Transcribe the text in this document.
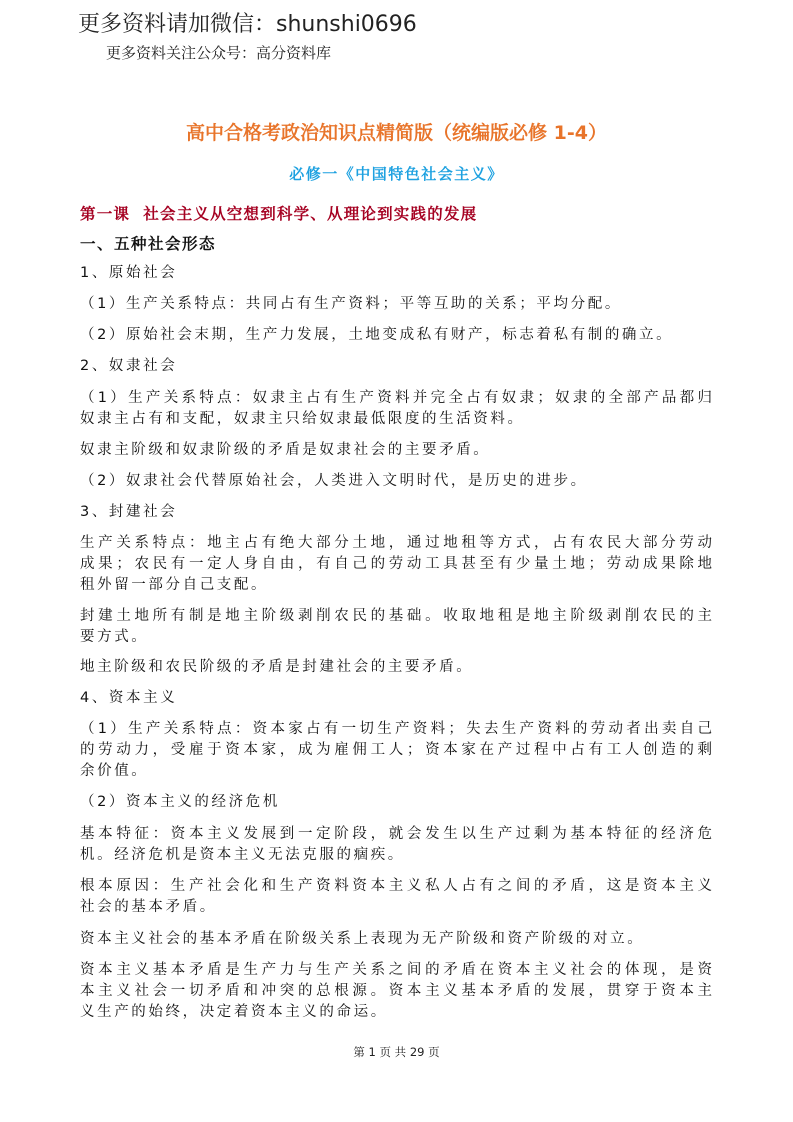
更多资料请加微信：shunshi0696
更多资料关注公众号：高分资料库
高中合格考政治知识点精简版（统编版必修 1-4）
必修一《中国特色社会主义》
第一课  社会主义从空想到科学、从理论到实践的发展
一、五种社会形态
1、原始社会
（1）生产关系特点：共同占有生产资料；平等互助的关系；平均分配。
（2）原始社会末期，生产力发展，土地变成私有财产，标志着私有制的确立。
2、奴隶社会
（1）生产关系特点：奴隶主占有生产资料并完全占有奴隶；奴隶的全部产品都归
奴隶主占有和支配，奴隶主只给奴隶最低限度的生活资料。
奴隶主阶级和奴隶阶级的矛盾是奴隶社会的主要矛盾。
（2）奴隶社会代替原始社会，人类进入文明时代，是历史的进步。
3、封建社会
生产关系特点：地主占有绝大部分土地，通过地租等方式，占有农民大部分劳动
成果；农民有一定人身自由，有自己的劳动工具甚至有少量土地；劳动成果除地
租外留一部分自己支配。
封建土地所有制是地主阶级剥削农民的基础。收取地租是地主阶级剥削农民的主
要方式。
地主阶级和农民阶级的矛盾是封建社会的主要矛盾。
4、资本主义
（1）生产关系特点：资本家占有一切生产资料；失去生产资料的劳动者出卖自己
的劳动力，受雇于资本家，成为雇佣工人；资本家在产过程中占有工人创造的剩
余价值。
（2）资本主义的经济危机
基本特征：资本主义发展到一定阶段，就会发生以生产过剩为基本特征的经济危
机。经济危机是资本主义无法克服的痼疾。
根本原因：生产社会化和生产资料资本主义私人占有之间的矛盾，这是资本主义
社会的基本矛盾。
资本主义社会的基本矛盾在阶级关系上表现为无产阶级和资产阶级的对立。
资本主义基本矛盾是生产力与生产关系之间的矛盾在资本主义社会的体现，是资
本主义社会一切矛盾和冲突的总根源。资本主义基本矛盾的发展，贯穿于资本主
义生产的始终，决定着资本主义的命运。
第 1 页 共 29 页
